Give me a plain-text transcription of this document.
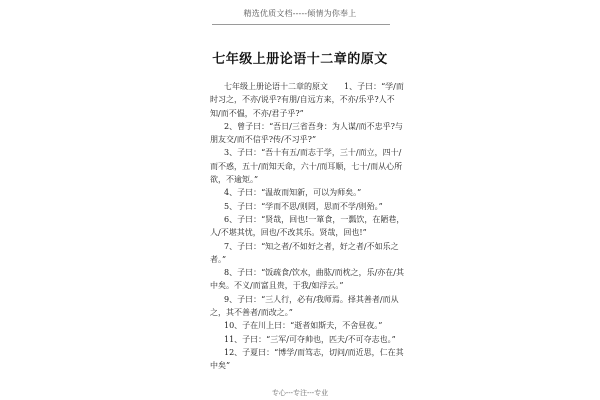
精选优质文档-----倾情为你奉上
七年级上册论语十二章的原文

七年级上册论语十二章的原文　　1、子曰：“学/而时习之，不亦/说乎?有朋/自远方来，不亦/乐乎?人不知/而不愠，不亦/君子乎?”

2、曾子曰：“吾日/三省吾身：为人谋/而不忠乎?与朋友交/而不信乎?传/不习乎?”

3、子曰：“吾十有五/而志于学，三十/而立，四十/而不惑，五十/而知天命，六十/而耳顺，七十/而从心所欲，不逾矩。”

4、子曰：“温故而知新，可以为师矣。”

5、子曰：“学而不思/则罔，思而不学/则殆。”

6、子曰：“贤哉，回也!一箪食，一瓢饮，在陋巷，人/不堪其忧，回也/不改其乐。贤哉，回也!”

7、子曰：“知之者/不如好之者，好之者/不如乐之者。”

8、子曰：“饭疏食/饮水，曲肱/而枕之，乐/亦在/其中矣。不义/而富且贵，于我/如浮云。”

9、子曰：“三人行，必有/我师焉。择其善者/而从之，其不善者/而改之。”

10、子在川上曰：“逝者如斯夫，不舍昼夜。”

11、子曰：“三军/可夺帅也，匹夫/不可夺志也。”

12、子夏曰：“博学/而笃志，切问/而近思，仁在其中矣”

专心---专注---专业
